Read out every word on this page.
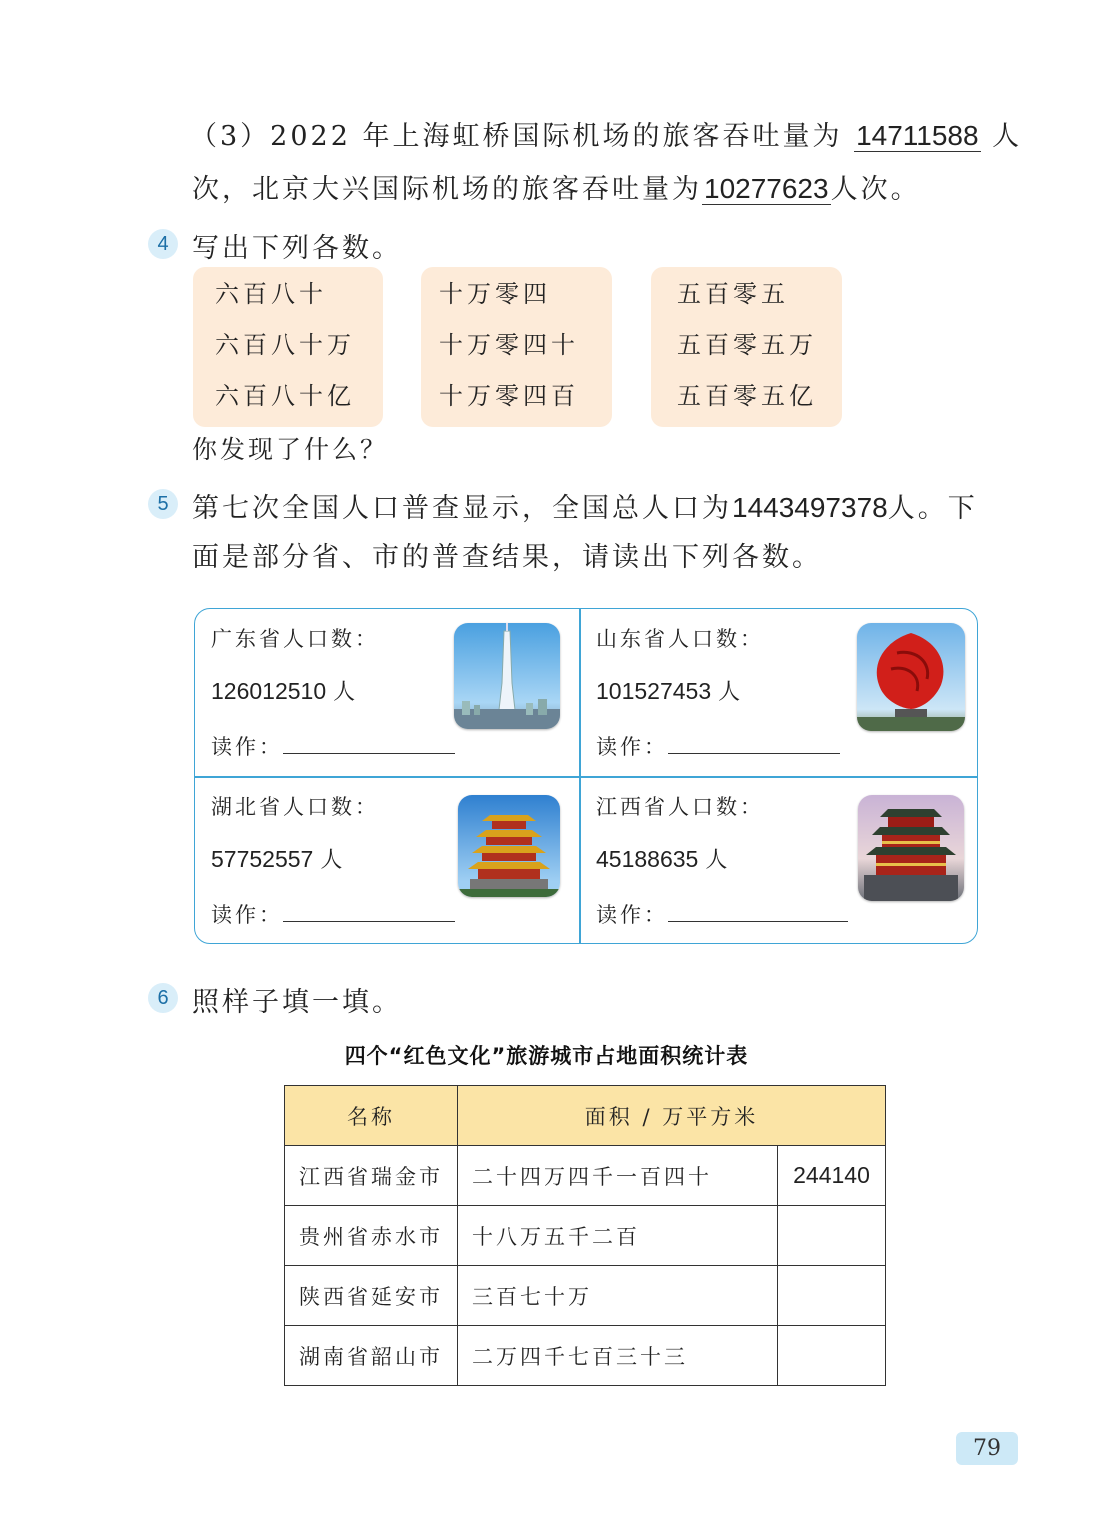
（3）2022 年上海虹桥国际机场的旅客吞吐量为 14711588 人
次，北京大兴国际机场的旅客吞吐量为10277623人次。
4 写出下列各数。
六百八十
六百八十万
六百八十亿
十万零四
十万零四十
十万零四百
五百零五
五百零五万
五百零五亿
你发现了什么？
5 第七次全国人口普查显示，全国总人口为1443497378人。下
面是部分省、市的普查结果，请读出下列各数。
广东省人口数：
126012510 人
读作：
山东省人口数：
101527453 人
读作：
湖北省人口数：
57752557 人
读作：
江西省人口数：
45188635 人
读作：
6 照样子填一填。
四个“红色文化”旅游城市占地面积统计表
名称	面积 / 万平方米	
江西省瑞金市	二十四万四千一百四十	244140
贵州省赤水市	十八万五千二百	
陕西省延安市	三百七十万	
湖南省韶山市	二万四千七百三十三	
79
